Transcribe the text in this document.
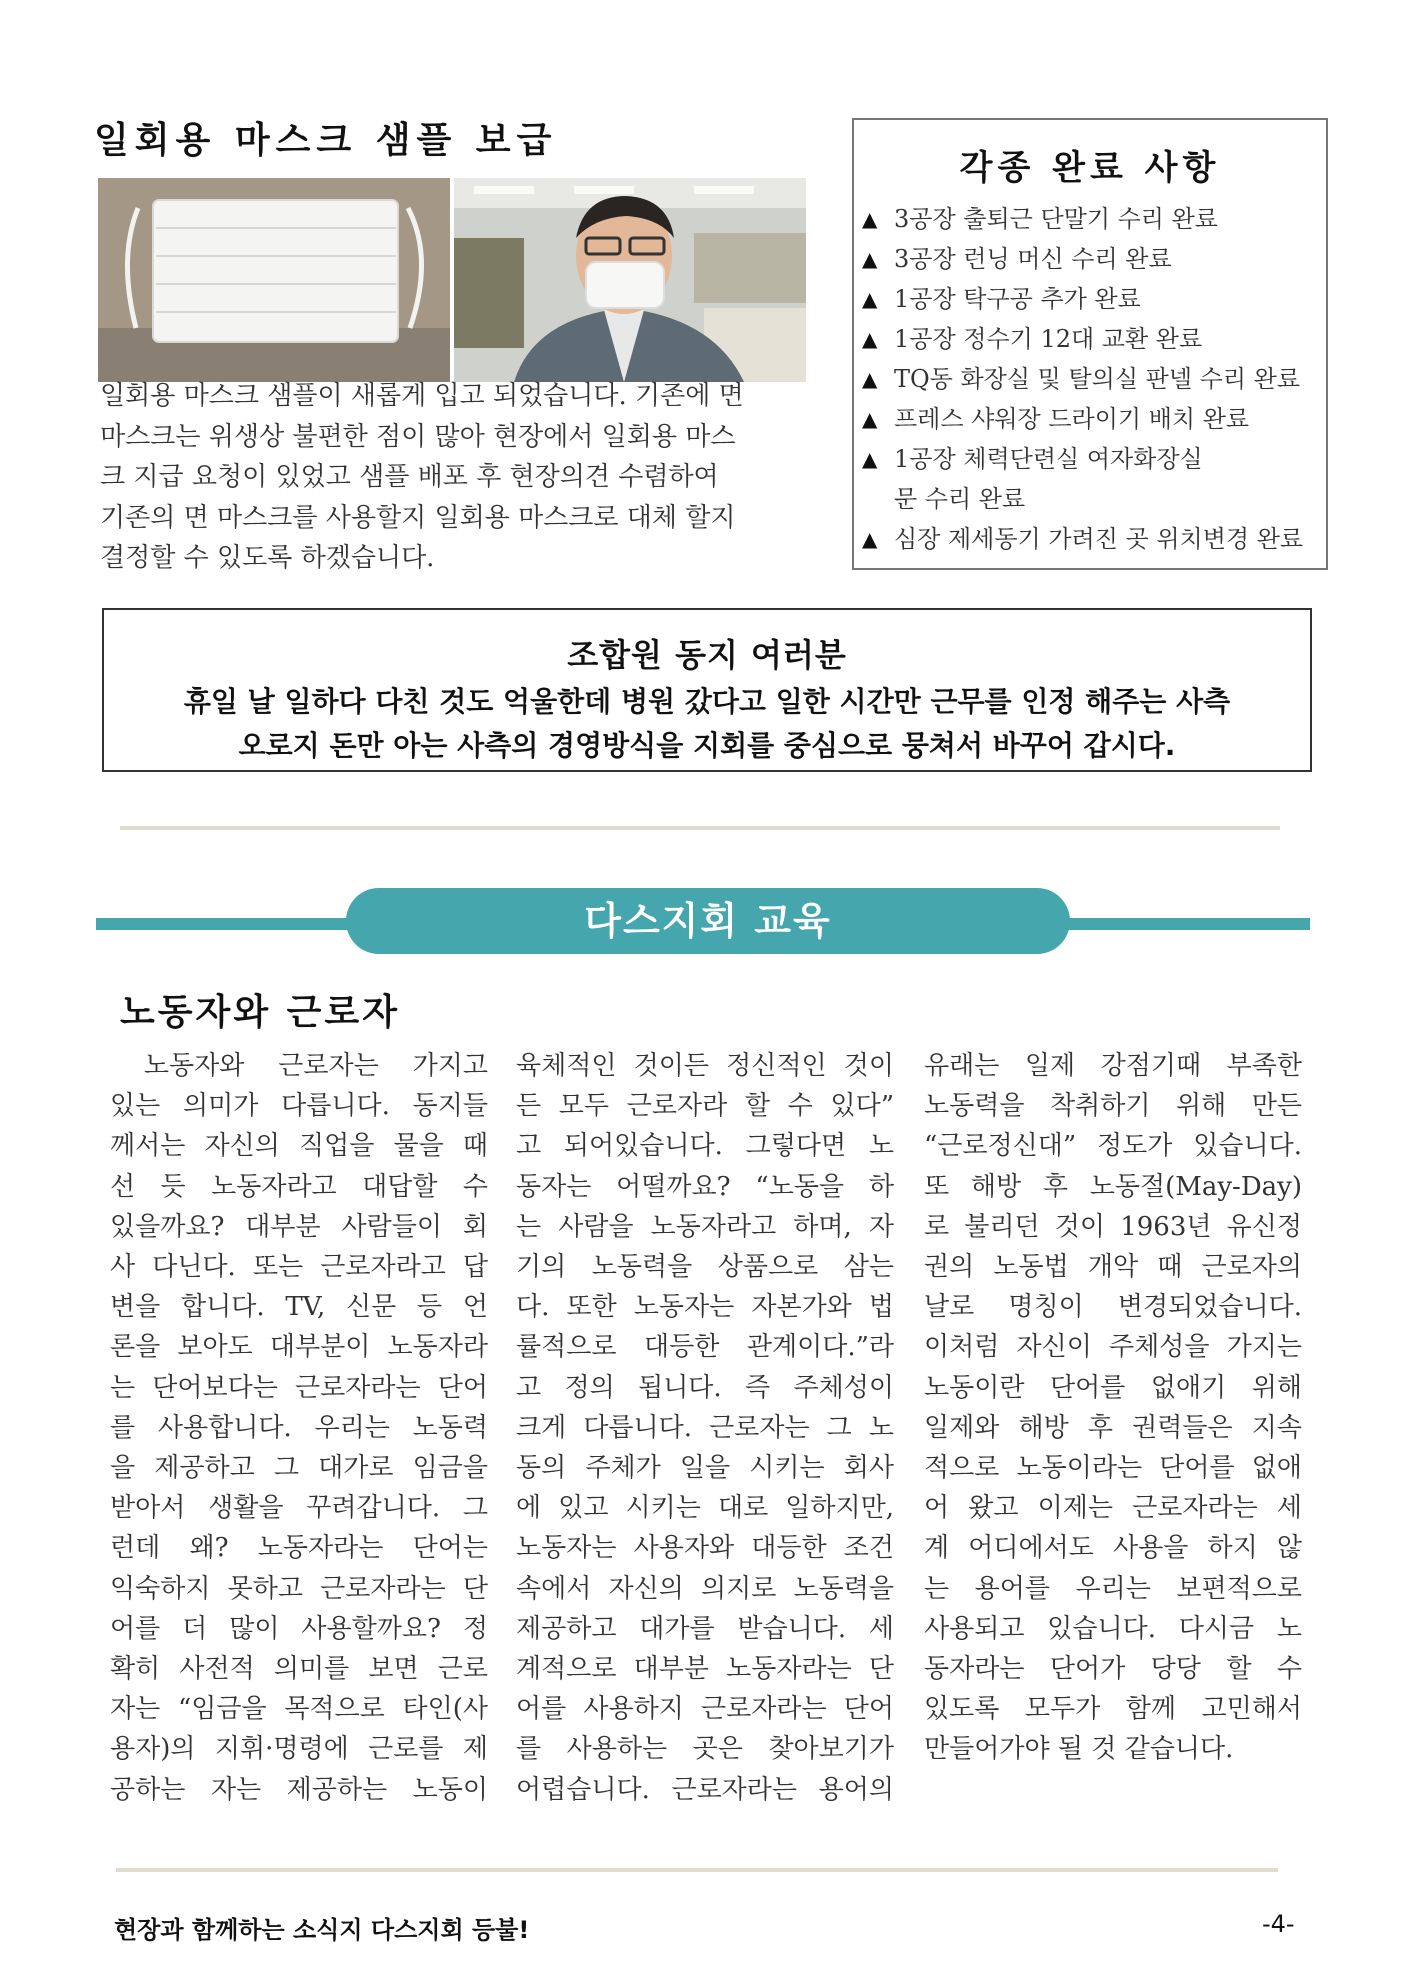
일회용 마스크 샘플 보급

일회용 마스크 샘플이 새롭게 입고 되었습니다. 기존에 면

마스크는 위생상 불편한 점이 많아 현장에서 일회용 마스

크 지급 요청이 있었고 샘플 배포 후 현장의견 수렴하여

기존의 면 마스크를 사용할지 일회용 마스크로 대체 할지

결정할 수 있도록 하겠습니다.

각종 완료 사항
▲ 3공장 출퇴근 단말기 수리 완료
▲ 3공장 런닝 머신 수리 완료
▲ 1공장 탁구공 추가 완료
▲ 1공장 정수기 12대 교환 완료
▲ TQ동 화장실 및 탈의실 판넬 수리 완료
▲ 프레스 샤워장 드라이기 배치 완료
▲ 1공장 체력단련실 여자화장실
문 수리 완료
▲ 심장 제세동기 가려진 곳 위치변경 완료
조합원 동지 여러분
휴일 날 일하다 다친 것도 억울한데 병원 갔다고 일한 시간만 근무를 인정 해주는 사측
오로지 돈만 아는 사측의 경영방식을 지회를 중심으로 뭉쳐서 바꾸어 갑시다.
다스지회 교육
노동자와 근로자

노동자와  근로자는  가지고

있는 의미가 다릅니다. 동지들

께서는 자신의 직업을 물을 때

선 듯 노동자라고 대답할 수

있을까요? 대부분 사람들이 회

사 다닌다. 또는 근로자라고 답

변을 합니다. TV, 신문 등 언

론을 보아도 대부분이 노동자라

는 단어보다는 근로자라는 단어

를 사용합니다. 우리는 노동력

을 제공하고 그 대가로 임금을

받아서 생활을 꾸려갑니다. 그

런데 왜? 노동자라는 단어는

익숙하지 못하고 근로자라는 단

어를 더 많이 사용할까요? 정

확히 사전적 의미를 보면 근로

자는 “임금을 목적으로 타인(사

용자)의 지휘·명령에 근로를 제

공하는 자는 제공하는 노동이

육체적인 것이든 정신적인 것이

든 모두 근로자라 할 수 있다”

고 되어있습니다. 그렇다면 노

동자는 어떨까요? “노동을 하

는 사람을 노동자라고 하며, 자

기의 노동력을 상품으로 삼는

다. 또한 노동자는 자본가와 법

률적으로 대등한 관계이다.”라

고 정의 됩니다. 즉 주체성이

크게 다릅니다. 근로자는 그 노

동의 주체가 일을 시키는 회사

에 있고 시키는 대로 일하지만,

노동자는 사용자와 대등한 조건

속에서 자신의 의지로 노동력을

제공하고 대가를 받습니다. 세

계적으로 대부분 노동자라는 단

어를 사용하지 근로자라는 단어

를 사용하는 곳은 찾아보기가

어렵습니다. 근로자라는 용어의

유래는 일제 강점기때 부족한

노동력을 착취하기 위해 만든

“근로정신대” 정도가 있습니다.

또 해방 후 노동절(May-Day)

로 불리던 것이 1963년 유신정

권의 노동법 개악 때 근로자의

날로 명칭이 변경되었습니다.

이처럼 자신이 주체성을 가지는

노동이란 단어를 없애기 위해

일제와 해방 후 권력들은 지속

적으로 노동이라는 단어를 없애

어 왔고 이제는 근로자라는 세

계 어디에서도 사용을 하지 않

는 용어를 우리는 보편적으로

사용되고 있습니다. 다시금 노

동자라는 단어가 당당 할 수

있도록 모두가 함께 고민해서

만들어가야 될 것 같습니다.

현장과 함께하는 소식지 다스지회 등불!	-4-
